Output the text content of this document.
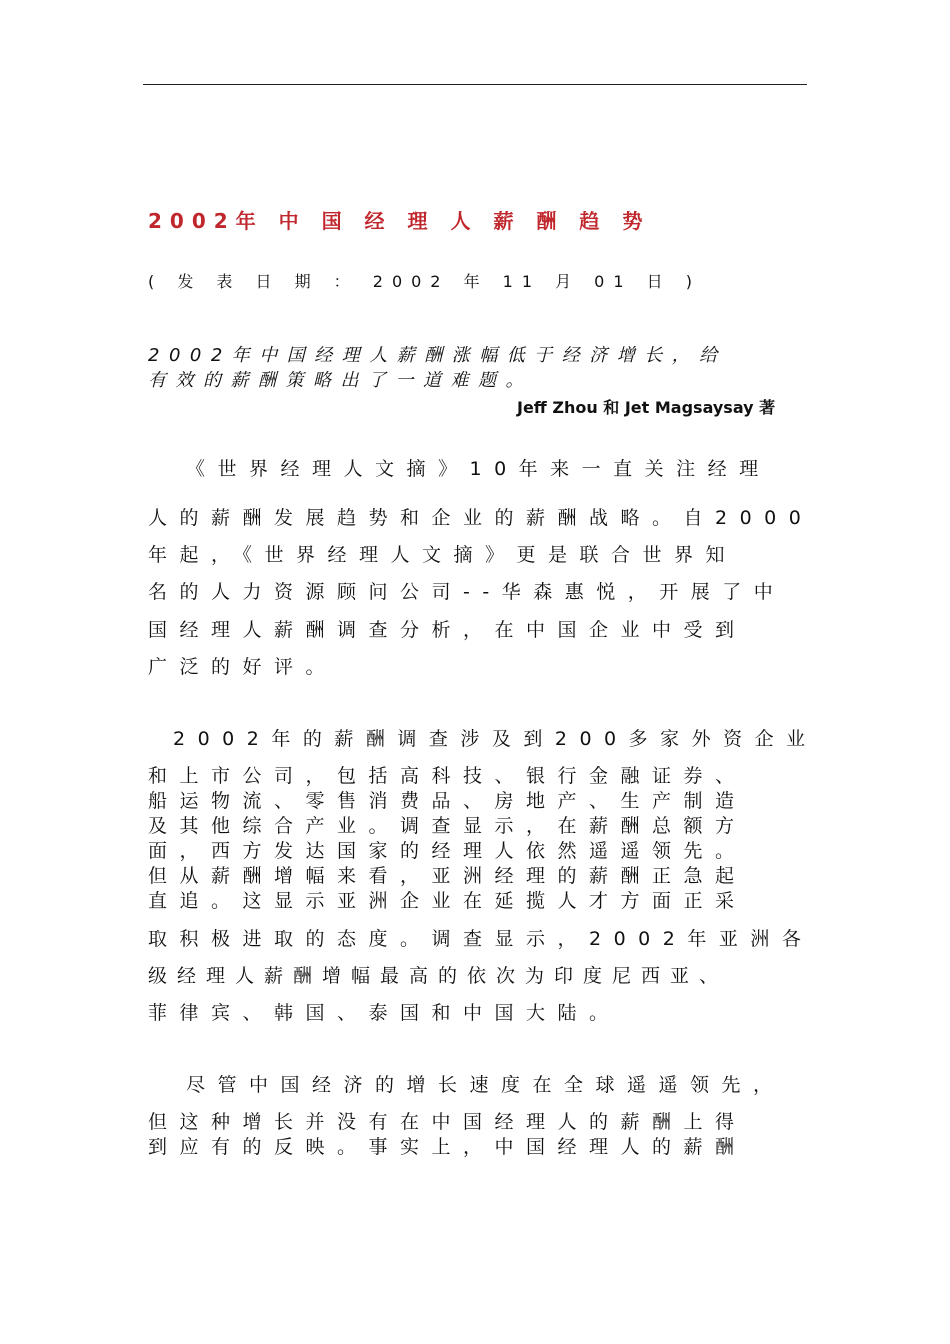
2002年 中 国 经 理 人 薪 酬 趋 势
( 发 表 日 期 ： 2002 年 11 月 01 日 )
2002年中国经理人薪酬涨幅低于经济增长，给
有效的薪酬策略出了一道难题。
Jeff Zhou 和 Jet Magsaysay 著
《世界经理人文摘》10年来一直关注经理
人的薪酬发展趋势和企业的薪酬战略。自2000
年起，《世界经理人文摘》更是联合世界知
名的人力资源顾问公司--华森惠悦，开展了中
国经理人薪酬调查分析，在中国企业中受到
广泛的好评。
2002年的薪酬调查涉及到200多家外资企业
和上市公司，包括高科技、银行金融证券、
船运物流、零售消费品、房地产、生产制造
及其他综合产业。调查显示，在薪酬总额方
面，西方发达国家的经理人依然遥遥领先。
但从薪酬增幅来看，亚洲经理的薪酬正急起
直追。这显示亚洲企业在延揽人才方面正采
取积极进取的态度。调查显示，2002年亚洲各
级经理人薪酬增幅最高的依次为印度尼西亚、
菲律宾、韩国、泰国和中国大陆。
尽管中国经济的增长速度在全球遥遥领先，
但这种增长并没有在中国经理人的薪酬上得
到应有的反映。事实上，中国经理人的薪酬
